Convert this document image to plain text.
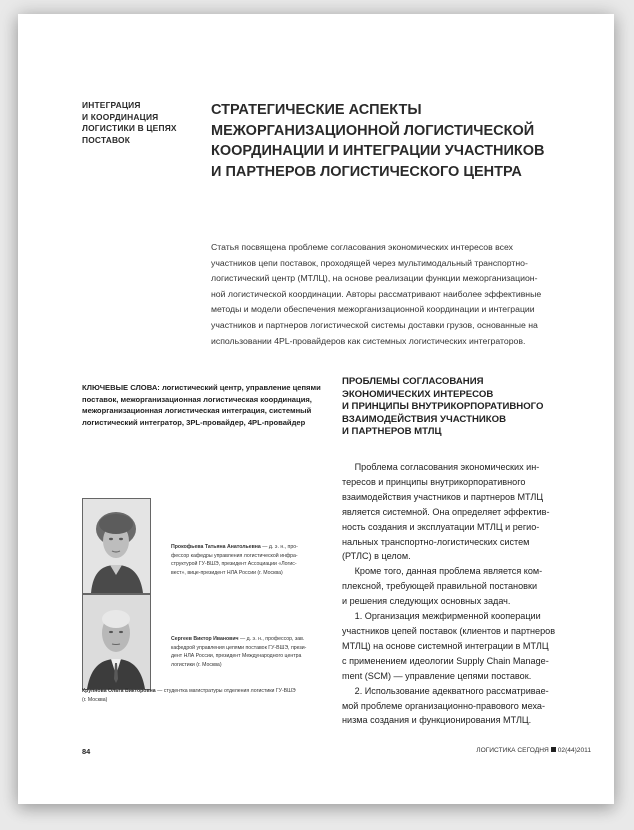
ИНТЕГРАЦИЯ
И КООРДИНАЦИЯ
ЛОГИСТИКИ В ЦЕПЯХ
ПОСТАВОК
СТРАТЕГИЧЕСКИЕ АСПЕКТЫ
МЕЖОРГАНИЗАЦИОННОЙ ЛОГИСТИЧЕСКОЙ
КООРДИНАЦИИ И ИНТЕГРАЦИИ УЧАСТНИКОВ
И ПАРТНЕРОВ ЛОГИСТИЧЕСКОГО ЦЕНТРА
Статья посвящена проблеме согласования экономических интересов всех
участников цепи поставок, проходящей через мультимодальный транспортно-
логистический центр (МТЛЦ), на основе реализации функции межорганизацион-
ной логистической координации. Авторы рассматривают наиболее эффективные
методы и модели обеспечения межорганизационной координации и интеграции
участников и партнеров логистической системы доставки грузов, основанные на
использовании 4PL-провайдеров как системных логистических интеграторов.
КЛЮЧЕВЫЕ СЛОВА: логистический центр, управление цепями
поставок, межорганизационная логистическая координация,
межорганизационная логистическая интеграция, системный
логистический интегратор, 3PL-провайдер, 4PL-провайдер
ПРОБЛЕМЫ СОГЛАСОВАНИЯ
ЭКОНОМИЧЕСКИХ ИНТЕРЕСОВ
И ПРИНЦИПЫ ВНУТРИКОРПОРАТИВНОГО
ВЗАИМОДЕЙСТВИЯ УЧАСТНИКОВ
И ПАРТНЕРОВ МТЛЦ
Проблема согласования экономических ин-
тересов и принципы внутрикорпоративного
взаимодействия участников и партнеров МТЛЦ
является системной. Она определяет эффектив-
ность создания и эксплуатации МТЛЦ и регио-
нальных транспортно-логистических систем
(РТЛС) в целом.
Кроме того, данная проблема является ком-
плексной, требующей правильной постановки
и решения следующих основных задач.
1. Организация межфирменной кооперации
участников цепей поставок (клиентов и партнеров
МТЛЦ) на основе системной интеграции в МТЛЦ
с применением идеологии Supply Chain Manage-
ment (SCM) — управление цепями поставок.
2. Использование адекватного рассматривае-
мой проблеме организационно-правового меха-
низма создания и функционирования МТЛЦ.
Прокофьева Татьяна Анатольевна — д. э. н., про-
фессор кафедры управления логистической инфра-
структурой ГУ-ВШЭ, президент Ассоциации «Логис-
вест», вице-президент НЛА России (г. Москва)
Сергеев Виктор Иванович — д. э. н., профессор, зав.
кафедрой управления цепями поставок ГУ-ВШЭ, прези-
дент НЛА России, президент Международного центра
логистики (г. Москва)
Крупнова Ольга Викторовна — студентка магистратуры отделения логистики ГУ-ВШЭ
(г. Москва)
84	ЛОГИСТИКА СЕГОДНЯ 02(44)2011
